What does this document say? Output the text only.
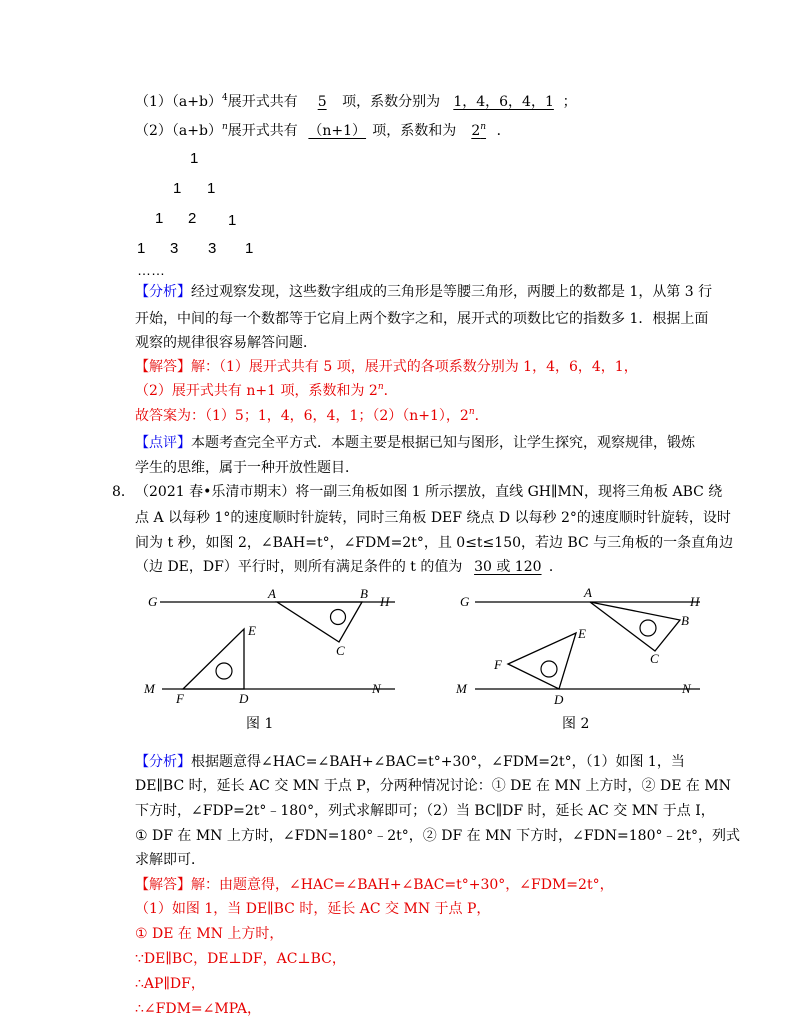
$(1)(a+b)^4$展开式共有 5 项，系数分别为 1，4，6，4，1 ；
$(2)(a+b)^n$展开式共有 （n+1） 项，系数和为 2$^n$ ．
1
1 1
1 2 1
1 3 3 1
……
【分析】经过观察发现，这些数字组成的三角形是等腰三角形，两腰上的数都是 1，从第 3 行
开始，中间的每一个数都等于它肩上两个数字之和，展开式的项数比它的指数多 1．根据上面
观察的规律很容易解答问题．
【解答】解：（1）展开式共有 5 项，展开式的各项系数分别为 1，4，6，4，1，
（2）展开式共有 n+1 项，系数和为 2$^n$．
故答案为：（1）5；1，4，6，4，1；（2）（n+1），2$^n$．
【点评】本题考查完全平方式．本题主要是根据已知与图形，让学生探究，观察规律，锻炼
学生的思维，属于一种开放性题目．
8． （2021 春•乐清市期末）将一副三角板如图 1 所示摆放，直线 GH∥MN，现将三角板 ABC 绕
点 A 以每秒 1°的速度顺时针旋转，同时三角板 DEF 绕点 D 以每秒 2°的速度顺时针旋转，设时
间为 t 秒，如图 2，∠BAH=t°，∠FDM=2t°，且 0≤t≤150，若边 BC 与三角板的一条直角边
（边 DE，DF）平行时，则所有满足条件的 t 的值为 30 或 120 ．
G	H
A	B
C
M	N
F	D
E
图 1
G	H
A
B
C
M	N
F
D
E
图 2
【分析】根据题意得∠HAC=∠BAH+∠BAC=t°+30°，∠FDM=2t°，（1）如图 1，当
DE∥BC 时，延长 AC 交 MN 于点 P，分两种情况讨论：① DE 在 MN 上方时，② DE 在 MN
下方时，∠FDP=2t°﹣180°，列式求解即可；（2）当 BC∥DF 时，延长 AC 交 MN 于点 I，
① DF 在 MN 上方时，∠FDN=180°﹣2t°，② DF 在 MN 下方时，∠FDN=180°﹣2t°，列式
求解即可．
【解答】解：由题意得，∠HAC=∠BAH+∠BAC=t°+30°，∠FDM=2t°，
（1）如图 1，当 DE∥BC 时，延长 AC 交 MN 于点 P，
① DE 在 MN 上方时，
∵DE∥BC，DE⊥DF，AC⊥BC，
∴AP∥DF，
∴∠FDM=∠MPA，
